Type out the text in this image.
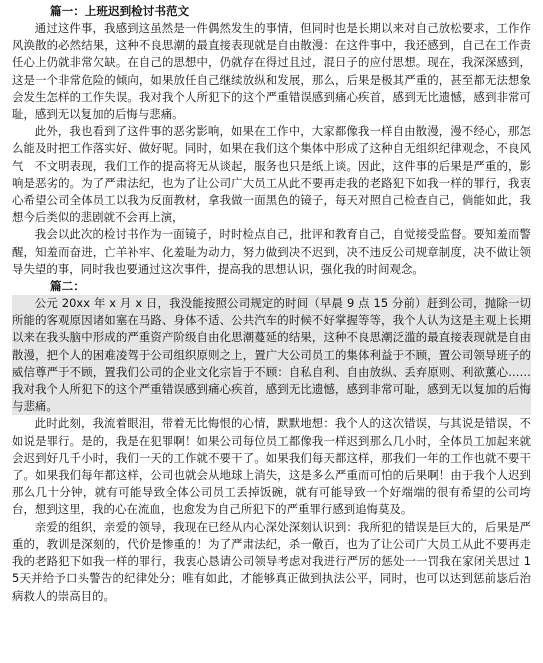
篇一：上班迟到检讨书范文

通过这件事，我感到这虽然是一件偶然发生的事情，但同时也是长期以来对自己放松要求，工作作风涣散的必然结果，这种不良思潮的最直接表现就是自由散漫：在这件事中，我还感到，自己在工作责任心上仍就非常欠缺。在自己的思想中，仍就存在得过且过，混日子的应付思想。现在，我深深感到，这是一个非常危险的倾向，如果放任自己继续放纵和发展，那么，后果是极其严重的，甚至都无法想象会发生怎样的工作失误。我对我个人所犯下的这个严重错误感到痛心疾首，感到无比遗憾，感到非常可耻，感到无以复加的后悔与悲痛。

此外，我也看到了这件事的恶劣影响，如果在工作中，大家都像我一样自由散漫，漫不经心，那怎么能及时把工作落实好、做好呢。同时，如果在我们这个集体中形成了这种自无组织纪律观念，不良风气　不文明表现，我们工作的提高将无从谈起，服务也只是纸上谈。因此，这件事的后果是严重的，影响是恶劣的。为了严肃法纪，也为了让公司广大员工从此不要再走我的老路犯下如我一样的罪行，我衷心希望公司全体员工以我为反面教材，拿我做一面黑色的镜子，每天对照自己检查自己，倘能如此，我想今后类似的悲剧就不会再上演，

我会以此次的检讨书作为一面镜子，时时检点自己，批评和教育自己，自觉接受监督。要知羞而警醒，知羞而奋进，亡羊补牢、化羞耻为动力，努力做到决不迟到，决不违反公司规章制度，决不做让领导失望的事，同时我也要通过这次事件，提高我的思想认识，强化我的时间观念。

篇二：

公元 20xx 年 x 月 x 日，我没能按照公司规定的时间（早晨 9 点 15 分前）赶到公司，抛除一切所能的客观原因诸如塞在马路、身体不适、公共汽车的时候不好掌握等等，我个人认为这是主观上长期以来在我头脑中形成的严重资产阶级自由化思潮蔓延的结果，这种不良思潮泛滥的最直接表现就是自由散漫，把个人的困难凌驾于公司组织原则之上，置广大公司员工的集体利益于不顾，置公司领导班子的威信尊严于不顾，置我们公司的企业文化宗旨于不顾：自私自利、自由放纵、丢弃原则、利欲薰心……我对我个人所犯下的这个严重错误感到痛心疾首，感到无比遗憾，感到非常可耻，感到无以复加的后悔与悲痛。

此时此刻，我流着眼泪，带着无比悔恨的心情，默默地想：我个人的这次错误，与其说是错误，不如说是罪行。是的，我是在犯罪啊！如果公司每位员工都像我一样迟到那么几小时，全体员工加起来就会迟到好几千小时，我们一天的工作就不要干了。如果我们每天都这样，那我们一年的工作也就不要干了。如果我们每年都这样，公司也就会从地球上消失，这是多么严重而可怕的后果啊！由于我个人迟到那么几十分钟，就有可能导致全体公司员工丢掉饭碗，就有可能导致一个好端端的很有希望的公司垮台，想到这里，我的心在流血，也愈发为自己所犯下的严重罪行感到追悔莫及。

亲爱的组织，亲爱的领导，我现在已经从内心深处深刻认识到：我所犯的错误是巨大的，后果是严重的，教训是深刻的，代价是惨重的！为了严肃法纪，杀一儆百，也为了让公司广大员工从此不要再走我的老路犯下如我一样的罪行，我衷心恳请公司领导考虑对我进行严厉的惩处一一罚我在家闭关思过 15天并给予口头警告的纪律处分；唯有如此，才能够真正做到执法公平，同时，也可以达到惩前毖后治病救人的崇高目的。
